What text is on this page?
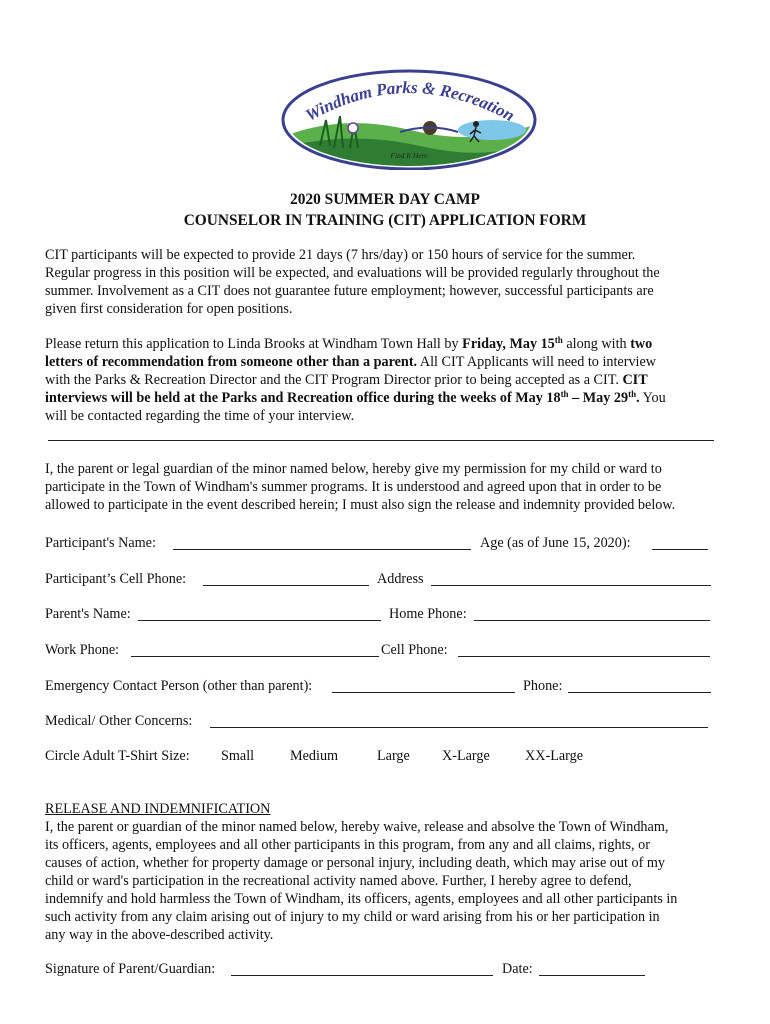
Windham Parks & Recreation
Find It Here
2020 SUMMER DAY CAMP
COUNSELOR IN TRAINING (CIT) APPLICATION FORM
CIT participants will be expected to provide 21 days (7 hrs/day) or 150 hours of service for the summer.
Regular progress in this position will be expected, and evaluations will be provided regularly throughout the
summer. Involvement as a CIT does not guarantee future employment; however, successful participants are
given first consideration for open positions.
Please return this application to Linda Brooks at Windham Town Hall by Friday, May 15th along with two
letters of recommendation from someone other than a parent. All CIT Applicants will need to interview
with the Parks & Recreation Director and the CIT Program Director prior to being accepted as a CIT. CIT
interviews will be held at the Parks and Recreation office during the weeks of May 18th – May 29th. You
will be contacted regarding the time of your interview.
I, the parent or legal guardian of the minor named below, hereby give my permission for my child or ward to
participate in the Town of Windham's summer programs. It is understood and agreed upon that in order to be
allowed to participate in the event described herein; I must also sign the release and indemnity provided below.
Participant's Name:	Age (as of June 15, 2020):
Participant’s Cell Phone:	Address
Parent's Name:	Home Phone:
Work Phone:	Cell Phone:
Emergency Contact Person (other than parent):	Phone:
Medical/ Other Concerns:
Circle Adult T-Shirt Size: Small	Medium	Large X-Large XX-Large
RELEASE AND INDEMNIFICATION
I, the parent or guardian of the minor named below, hereby waive, release and absolve the Town of Windham,
its officers, agents, employees and all other participants in this program, from any and all claims, rights, or
causes of action, whether for property damage or personal injury, including death, which may arise out of my
child or ward's participation in the recreational activity named above. Further, I hereby agree to defend,
indemnify and hold harmless the Town of Windham, its officers, agents, employees and all other participants in
such activity from any claim arising out of injury to my child or ward arising from his or her participation in
any way in the above-described activity.
Signature of Parent/Guardian:	Date:
